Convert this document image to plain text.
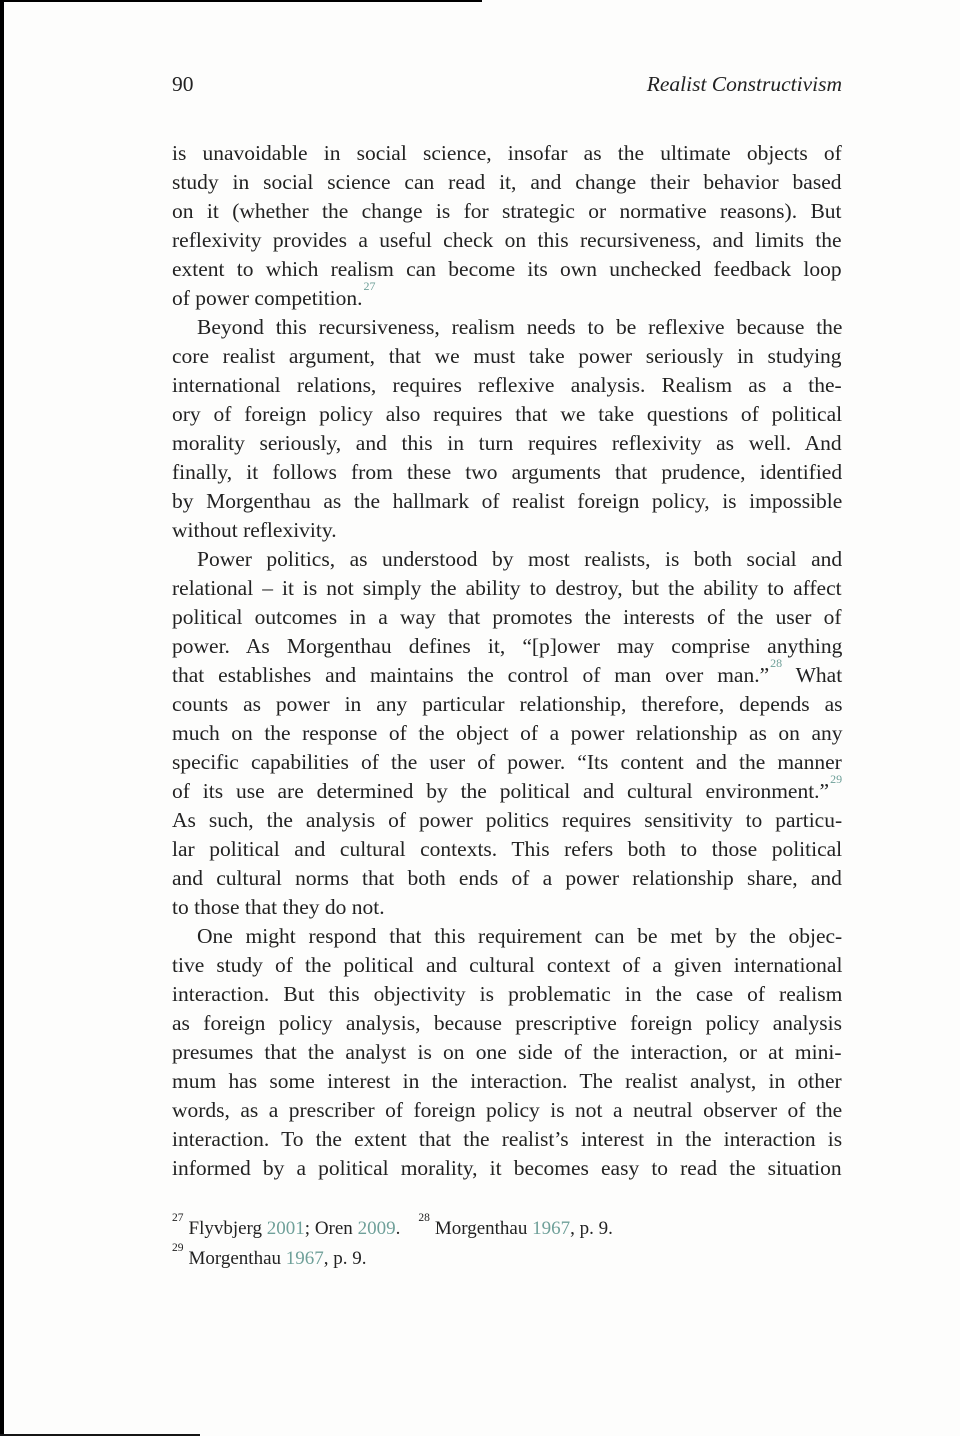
90	Realist Constructivism
is unavoidable in social science, insofar as the ultimate objects of
study in social science can read it, and change their behavior based
on it (whether the change is for strategic or normative reasons). But
reflexivity provides a useful check on this recursiveness, and limits the
extent to which realism can become its own unchecked feedback loop
of power competition.$^{27}$
Beyond this recursiveness, realism needs to be reflexive because the
core realist argument, that we must take power seriously in studying
international relations, requires reflexive analysis. Realism as a the-
ory of foreign policy also requires that we take questions of political
morality seriously, and this in turn requires reflexivity as well. And
finally, it follows from these two arguments that prudence, identified
by Morgenthau as the hallmark of realist foreign policy, is impossible
without reflexivity.
Power politics, as understood by most realists, is both social and
relational – it is not simply the ability to destroy, but the ability to affect
political outcomes in a way that promotes the interests of the user of
power. As Morgenthau defines it, “[p]ower may comprise anything
that establishes and maintains the control of man over man.”$^{28}$ What
counts as power in any particular relationship, therefore, depends as
much on the response of the object of a power relationship as on any
specific capabilities of the user of power. “Its content and the manner
of its use are determined by the political and cultural environment.”$^{29}$
As such, the analysis of power politics requires sensitivity to particu-
lar political and cultural contexts. This refers both to those political
and cultural norms that both ends of a power relationship share, and
to those that they do not.
One might respond that this requirement can be met by the objec-
tive study of the political and cultural context of a given international
interaction. But this objectivity is problematic in the case of realism
as foreign policy analysis, because prescriptive foreign policy analysis
presumes that the analyst is on one side of the interaction, or at mini-
mum has some interest in the interaction. The realist analyst, in other
words, as a prescriber of foreign policy is not a neutral observer of the
interaction. To the extent that the realist’s interest in the interaction is
informed by a political morality, it becomes easy to read the situation
$^{27}$Flyvbjerg 2001; Oren 2009.28Morgenthau 1967, p. 9.
$^{29}$Morgenthau 1967, p. 9.
